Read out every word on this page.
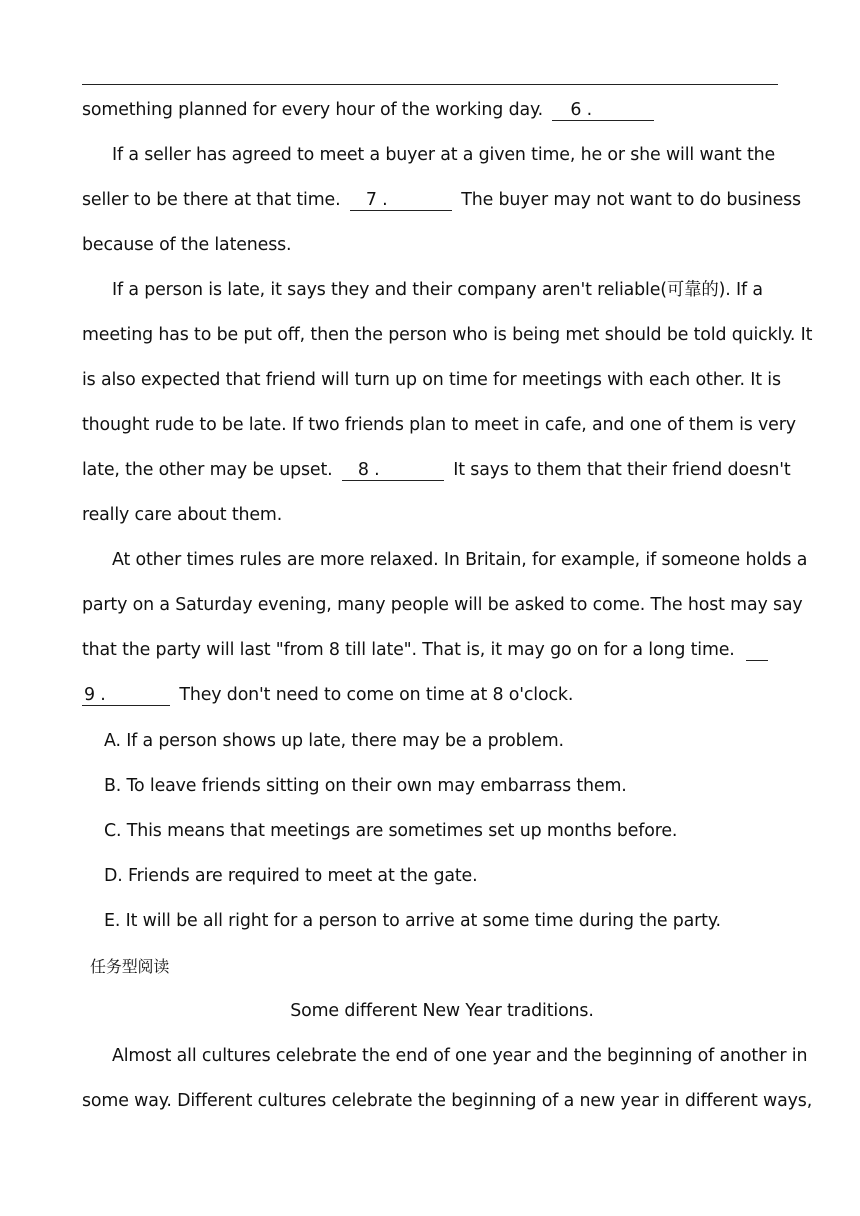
something planned for every hour of the working day. 6 .
If a seller has agreed to meet a buyer at a given time, he or she will want the
seller to be there at that time. 7 .	The buyer may not want to do business
because of the lateness.
If a person is late, it says they and their company aren't reliable(可靠的). If a
meeting has to be put off, then the person who is being met should be told quickly. It
is also expected that friend will turn up on time for meetings with each other. It is
thought rude to be late. If two friends plan to meet in cafe, and one of them is very
late, the other may be upset. 8 .	It says to them that their friend doesn't
really care about them.
At other times rules are more relaxed. In Britain, for example, if someone holds a
party on a Saturday evening, many people will be asked to come. The host may say
that the party will last "from 8 till late". That is, it may go on for a long time.
9 .	They don't need to come on time at 8 o'clock.
A. If a person shows up late, there may be a problem.
B. To leave friends sitting on their own may embarrass them.
C. This means that meetings are sometimes set up months before.
D. Friends are required to meet at the gate.
E. It will be all right for a person to arrive at some time during the party.
任务型阅读
Some different New Year traditions.
Almost all cultures celebrate the end of one year and the beginning of another in
some way. Different cultures celebrate the beginning of a new year in different ways,
